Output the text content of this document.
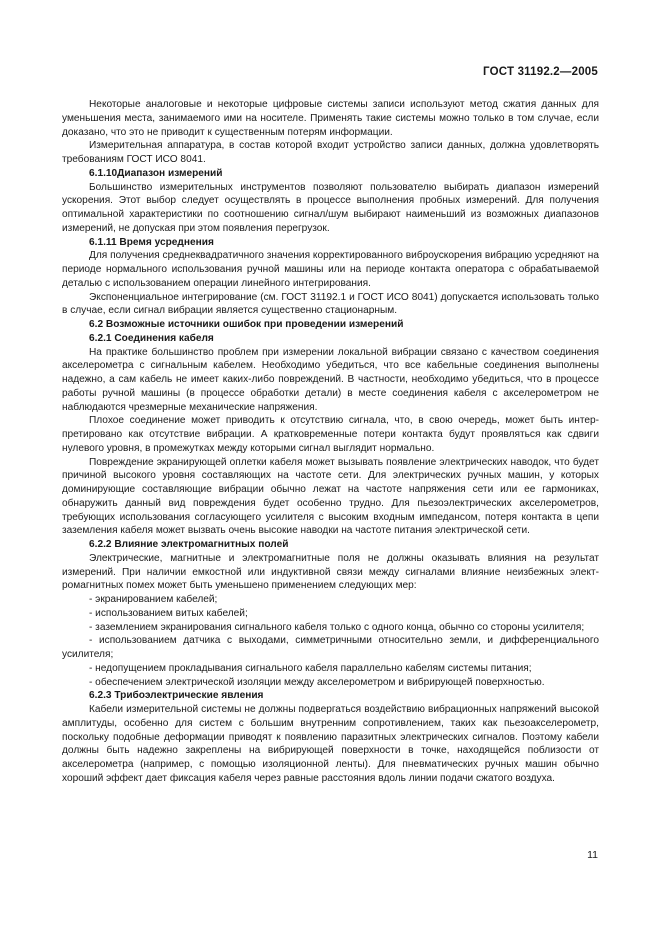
ГОСТ 31192.2—2005

Некоторые аналоговые и некоторые цифровые системы записи используют метод сжатия данных для уменьшения места, занимаемого ими на носителе. Применять такие системы можно только в том случае, если доказано, что это не приводит к существенным потерям информации.

Измерительная аппаратура, в состав которой входит устройство записи данных, должна удовлетворять требованиям ГОСТ ИСО 8041.

6.1.10Диапазон измерений

Большинство измерительных инструментов позволяют пользователю выбирать диапазон измерений ускорения. Этот выбор следует осуществлять в процессе выполнения пробных измерений. Для получения оптимальной характеристики по соотношению сигнал/шум выбирают наименьший из возможных диапазонов измерений, не допуская при этом появления перегрузок.

6.1.11 Время усреднения

Для получения среднеквадратичного значения корректированного виброускорения вибрацию усредняют на периоде нормального использования ручной машины или на периоде контакта оператора с обрабатываемой деталью с использованием операции линейного интегрирования.

Экспоненциальное интегрирование (см. ГОСТ 31192.1 и ГОСТ ИСО 8041) допускается использовать только в случае, если сигнал вибрации является существенно стационарным.

6.2 Возможные источники ошибок при проведении измерений
6.2.1 Соединения кабеля

На практике большинство проблем при измерении локальной вибрации связано с качеством соединения акселерометра с сигнальным кабелем. Необходимо убедиться, что все кабельные соединения выполнены надежно, а сам кабель не имеет каких-либо повреждений. В частности, необходимо убедиться, что в процессе работы ручной машины (в процессе обработки детали) в месте соединения кабеля с акселерометром не наблюдаются чрезмерные механические напряжения.

Плохое соединение может приводить к отсутствию сигнала, что, в свою очередь, может быть интерпретировано как отсутствие вибрации. А кратковременные потери контакта будут проявляться как сдвиги нулевого уровня, в промежутках между которыми сигнал выглядит нормально.

Повреждение экранирующей оплетки кабеля может вызывать появление электрических наводок, что будет причиной высокого уровня составляющих на частоте сети. Для электрических ручных машин, у которых доминирующие составляющие вибрации обычно лежат на частоте напряжения сети или ее гармониках, обнаружить данный вид повреждения будет особенно трудно. Для пьезоэлектрических акселерометров, требующих использования согласующего усилителя с высоким входным импедансом, потеря контакта в цепи заземления кабеля может вызвать очень высокие наводки на частоте питания электрической сети.

6.2.2 Влияние электромагнитных полей

Электрические, магнитные и электромагнитные поля не должны оказывать влияния на результат измерений. При наличии емкостной или индуктивной связи между сигналами влияние неизбежных электромагнитных помех может быть уменьшено применением следующих мер:

- экранированием кабелей;

- использованием витых кабелей;

- заземлением экранирования сигнального кабеля только с одного конца, обычно со стороны усилителя;

- использованием датчика с выходами, симметричными относительно земли, и дифференциального усилителя;

- недопущением прокладывания сигнального кабеля параллельно кабелям системы питания;

- обеспечением электрической изоляции между акселерометром и вибрирующей поверхностью.

6.2.3 Трибоэлектрические явления

Кабели измерительной системы не должны подвергаться воздействию вибрационных напряжений высокой амплитуды, особенно для систем с большим внутренним сопротивлением, таких как пьезоакселерометр, поскольку подобные деформации приводят к появлению паразитных электрических сигналов. Поэтому кабели должны быть надежно закреплены на вибрирующей поверхности в точке, находящейся поблизости от акселерометра (например, с помощью изоляционной ленты). Для пневматических ручных машин обычно хороший эффект дает фиксация кабеля через равные расстояния вдоль линии подачи сжатого воздуха.

11
